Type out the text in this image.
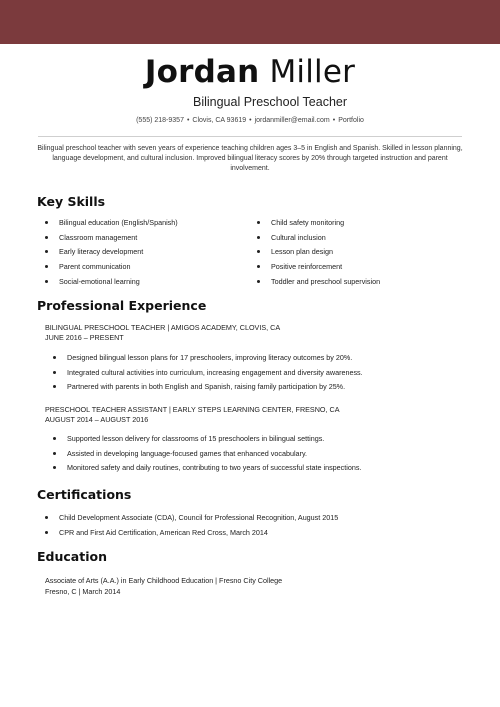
Jordan Miller
Bilingual Preschool Teacher
(555) 218-9357 • Clovis, CA 93619 • jordanmiller@email.com • Portfolio
Bilingual preschool teacher with seven years of experience teaching children ages 3–5 in English and Spanish. Skilled in lesson planning, language development, and cultural inclusion. Improved bilingual literacy scores by 20% through targeted instruction and parent involvement.
Key Skills
Bilingual education (English/Spanish)
Classroom management
Early literacy development
Parent communication
Social-emotional learning
Child safety monitoring
Cultural inclusion
Lesson plan design
Positive reinforcement
Toddler and preschool supervision
Professional Experience
BILINGUAL PRESCHOOL TEACHER | AMIGOS ACADEMY, CLOVIS, CA
JUNE 2016 – PRESENT
Designed bilingual lesson plans for 17 preschoolers, improving literacy outcomes by 20%.
Integrated cultural activities into curriculum, increasing engagement and diversity awareness.
Partnered with parents in both English and Spanish, raising family participation by 25%.
PRESCHOOL TEACHER ASSISTANT | EARLY STEPS LEARNING CENTER, FRESNO, CA
AUGUST 2014 – AUGUST 2016
Supported lesson delivery for classrooms of 15 preschoolers in bilingual settings.
Assisted in developing language-focused games that enhanced vocabulary.
Monitored safety and daily routines, contributing to two years of successful state inspections.
Certifications
Child Development Associate (CDA), Council for Professional Recognition, August 2015
CPR and First Aid Certification, American Red Cross, March 2014
Education
Associate of Arts (A.A.) in Early Childhood Education | Fresno City College
Fresno, C | March 2014
